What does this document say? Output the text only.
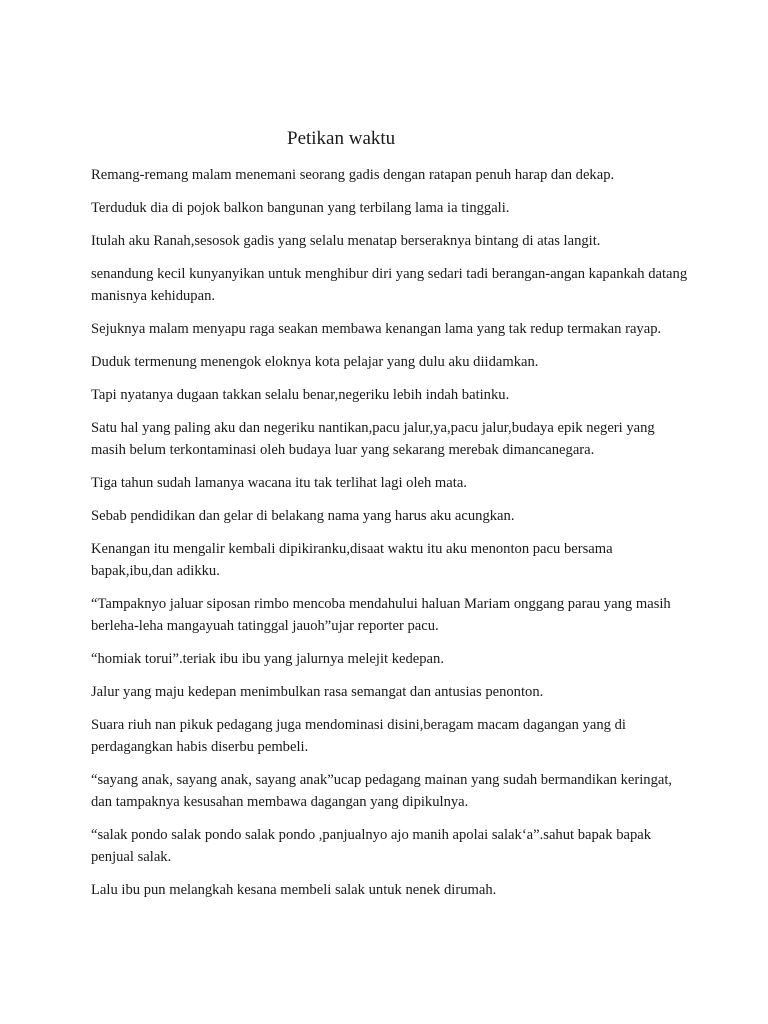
Petikan waktu

Remang-remang malam menemani seorang gadis dengan ratapan penuh harap dan dekap.

Terduduk dia di pojok balkon bangunan yang terbilang lama ia tinggali.

Itulah aku Ranah,sesosok gadis yang selalu menatap berseraknya bintang di atas langit.

senandung kecil kunyanyikan untuk menghibur diri yang sedari tadi berangan-angan kapankah datang manisnya kehidupan.

Sejuknya malam menyapu raga seakan membawa kenangan lama yang tak redup termakan rayap.

Duduk termenung menengok eloknya kota pelajar yang dulu aku diidamkan.

Tapi nyatanya dugaan takkan selalu benar,negeriku lebih indah batinku.

Satu hal yang paling aku dan negeriku nantikan,pacu jalur,ya,pacu jalur,budaya epik negeri yang masih belum terkontaminasi oleh budaya luar yang sekarang merebak dimancanegara.

Tiga tahun sudah lamanya wacana itu tak terlihat lagi oleh mata.

Sebab pendidikan dan gelar di belakang nama yang harus aku acungkan.

Kenangan itu mengalir kembali dipikiranku,disaat waktu itu aku menonton pacu bersama bapak,ibu,dan adikku.

“Tampaknyo jaluar siposan rimbo mencoba mendahului haluan Mariam onggang parau yang masih berleha-leha mangayuah tatinggal jauoh”ujar reporter pacu.

“homiak torui”.teriak ibu ibu yang jalurnya melejit kedepan.

Jalur yang maju kedepan menimbulkan rasa semangat dan antusias penonton.

Suara riuh nan pikuk pedagang juga mendominasi disini,beragam macam dagangan yang di perdagangkan habis diserbu pembeli.

“sayang anak, sayang anak, sayang anak”ucap pedagang mainan yang sudah bermandikan keringat, dan tampaknya kesusahan membawa dagangan yang dipikulnya.

“salak pondo salak pondo salak pondo ,panjualnyo ajo manih apolai salak‘a”.sahut bapak bapak penjual salak.

Lalu ibu pun melangkah kesana membeli salak untuk nenek dirumah.
